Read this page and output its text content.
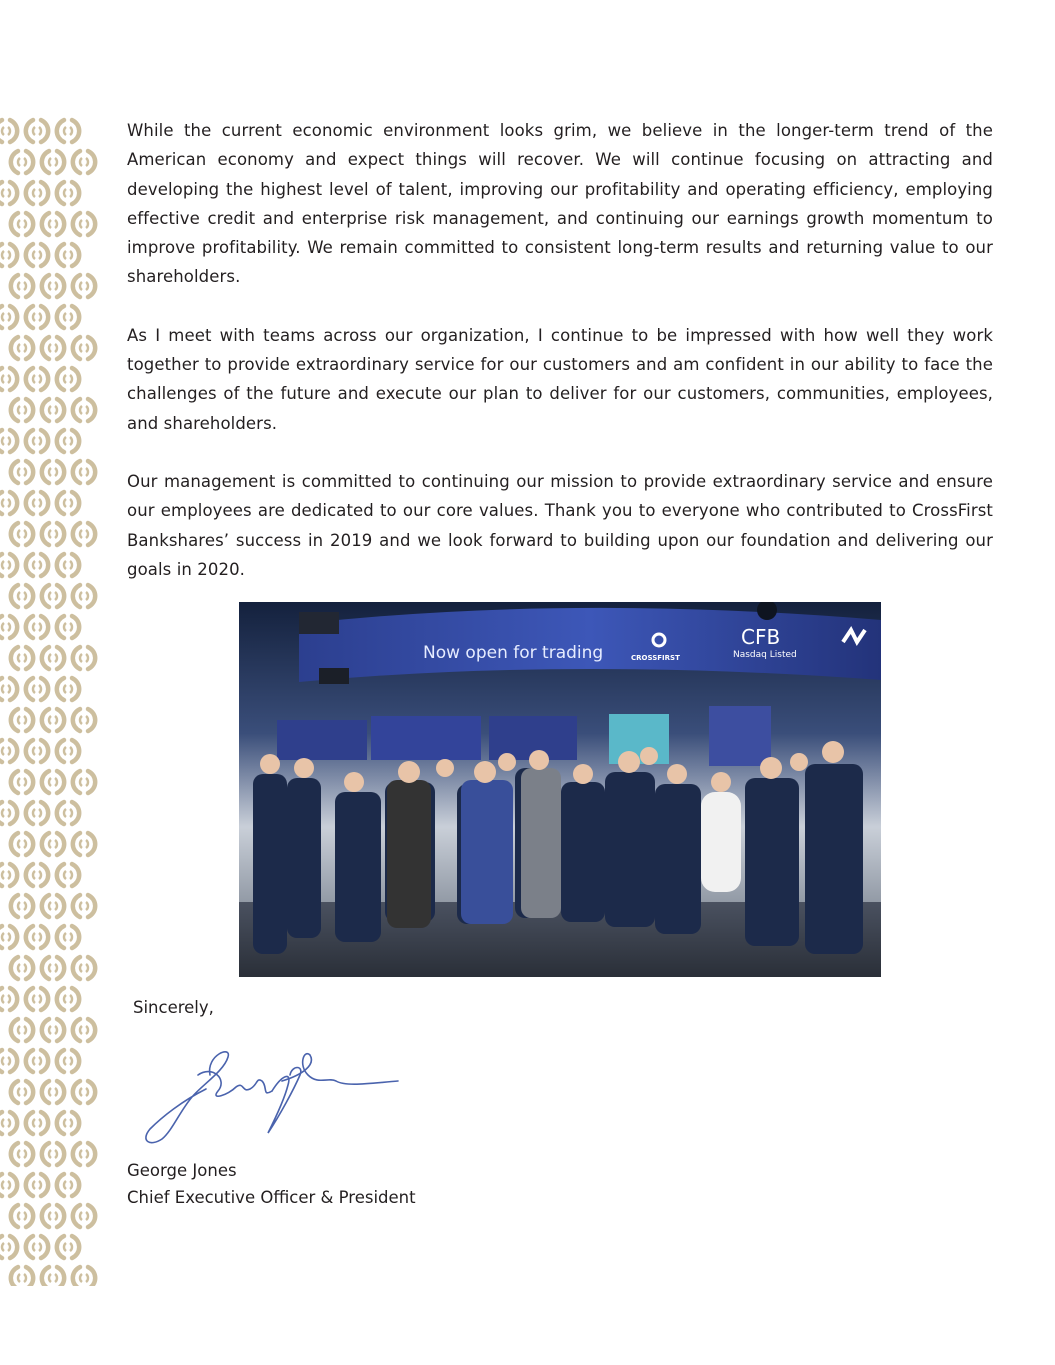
While the current economic environment looks grim, we believe in the longer-term trend of the American economy and expect things will recover. We will continue focusing on attracting and developing the highest level of talent, improving our profitability and operating efficiency, employing effective credit and enterprise risk management, and continuing our earnings growth momentum to improve profitability. We remain committed to consistent long-term results and returning value to our shareholders.

As I meet with teams across our organization, I continue to be impressed with how well they work together to provide extraordinary service for our customers and am confident in our ability to face the challenges of the future and execute our plan to deliver for our customers, communities, employees, and shareholders.

Our management is committed to continuing our mission to provide extraordinary service and ensure our employees are dedicated to our core values. Thank you to everyone who contributed to CrossFirst Bankshares’ success in 2019 and we look forward to building upon our foundation and delivering our goals in 2020.

Now open for trading	CROSSFIRST
CFB
Nasdaq Listed
Sincerely,
George Jones
Chief Executive Officer & President
